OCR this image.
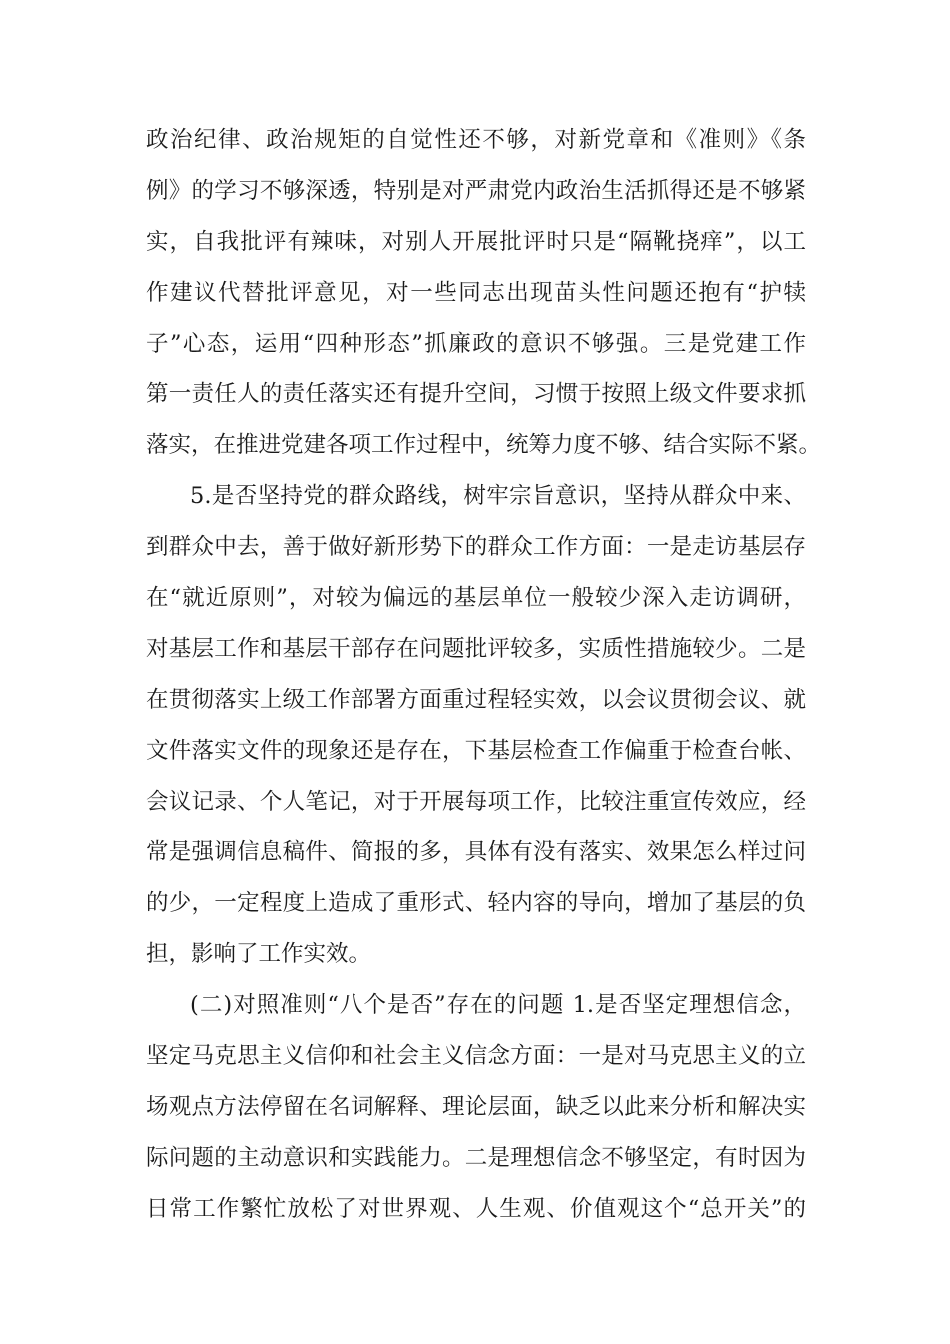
政治纪律、政治规矩的自觉性还不够，对新党章和《准则》《条
例》的学习不够深透，特别是对严肃党内政治生活抓得还是不够紧
实，自我批评有辣味，对别人开展批评时只是“隔靴挠痒”，以工
作建议代替批评意见，对一些同志出现苗头性问题还抱有“护犊
子”心态，运用“四种形态”抓廉政的意识不够强。三是党建工作
第一责任人的责任落实还有提升空间，习惯于按照上级文件要求抓
落实，在推进党建各项工作过程中，统筹力度不够、结合实际不紧。
5.是否坚持党的群众路线，树牢宗旨意识，坚持从群众中来、
到群众中去，善于做好新形势下的群众工作方面：一是走访基层存
在“就近原则”，对较为偏远的基层单位一般较少深入走访调研，
对基层工作和基层干部存在问题批评较多，实质性措施较少。二是
在贯彻落实上级工作部署方面重过程轻实效，以会议贯彻会议、就
文件落实文件的现象还是存在，下基层检查工作偏重于检查台帐、
会议记录、个人笔记，对于开展每项工作，比较注重宣传效应，经
常是强调信息稿件、简报的多，具体有没有落实、效果怎么样过问
的少，一定程度上造成了重形式、轻内容的导向，增加了基层的负
担，影响了工作实效。
(二)对照准则“八个是否”存在的问题 1.是否坚定理想信念，
坚定马克思主义信仰和社会主义信念方面：一是对马克思主义的立
场观点方法停留在名词解释、理论层面，缺乏以此来分析和解决实
际问题的主动意识和实践能力。二是理想信念不够坚定，有时因为
日常工作繁忙放松了对世界观、人生观、价值观这个“总开关”的
